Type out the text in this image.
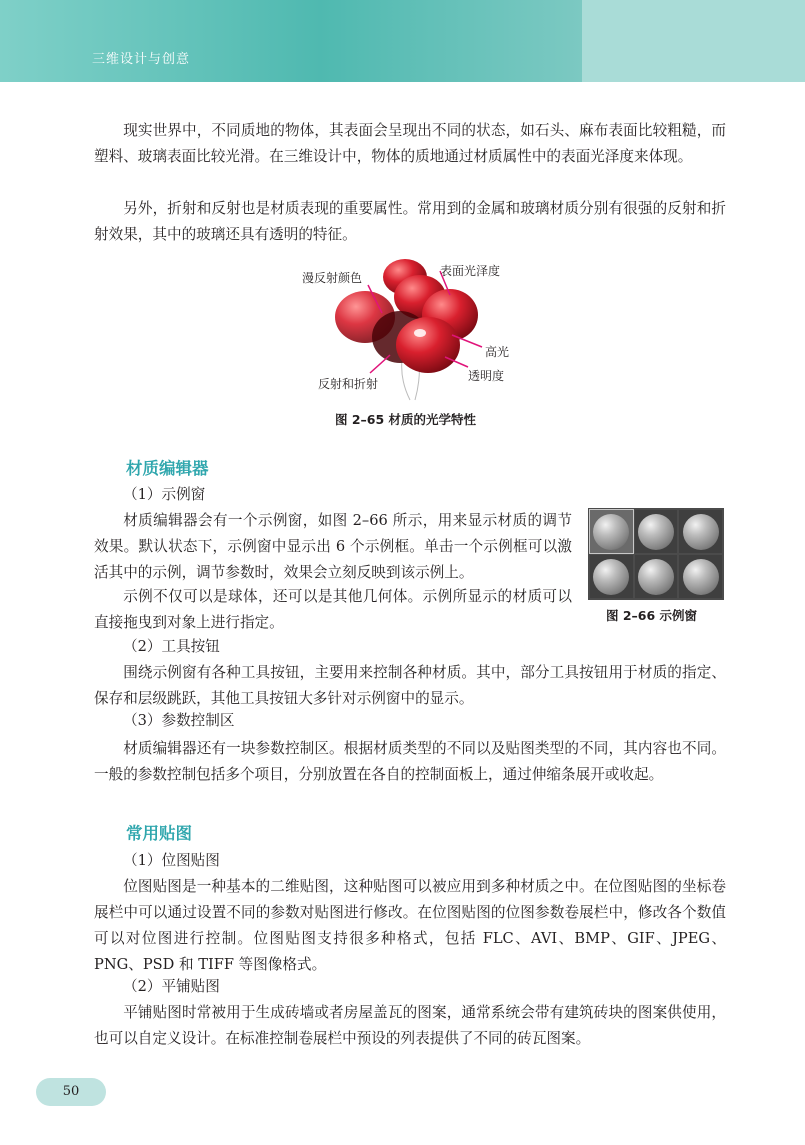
三维设计与创意

现实世界中，不同质地的物体，其表面会呈现出不同的状态，如石头、麻布表面比较粗糙，而塑料、玻璃表面比较光滑。在三维设计中，物体的质地通过材质属性中的表面光泽度来体现。

另外，折射和反射也是材质表现的重要属性。常用到的金属和玻璃材质分别有很强的反射和折射效果，其中的玻璃还具有透明的特征。

漫反射颜色	表面光泽度
高光
透明度
反射和折射

图 2–65 材质的光学特性

材质编辑器

（1）示例窗

材质编辑器会有一个示例窗，如图 2–66 所示，用来显示材质的调节效果。默认状态下，示例窗中显示出 6 个示例框。单击一个示例框可以激活其中的示例，调节参数时，效果会立刻反映到该示例上。

示例不仅可以是球体，还可以是其他几何体。示例所显示的材质可以直接拖曳到对象上进行指定。	图 2–66 示例窗

（2）工具按钮

围绕示例窗有各种工具按钮，主要用来控制各种材质。其中，部分工具按钮用于材质的指定、保存和层级跳跃，其他工具按钮大多针对示例窗中的显示。

（3）参数控制区

材质编辑器还有一块参数控制区。根据材质类型的不同以及贴图类型的不同，其内容也不同。一般的参数控制包括多个项目，分别放置在各自的控制面板上，通过伸缩条展开或收起。

常用贴图

（1）位图贴图

位图贴图是一种基本的二维贴图，这种贴图可以被应用到多种材质之中。在位图贴图的坐标卷展栏中可以通过设置不同的参数对贴图进行修改。在位图贴图的位图参数卷展栏中，修改各个数值可以对位图进行控制。位图贴图支持很多种格式，包括 FLC、AVI、BMP、GIF、JPEG、PNG、PSD 和 TIFF 等图像格式。

（2）平铺贴图

平铺贴图时常被用于生成砖墙或者房屋盖瓦的图案，通常系统会带有建筑砖块的图案供使用，也可以自定义设计。在标准控制卷展栏中预设的列表提供了不同的砖瓦图案。

50
